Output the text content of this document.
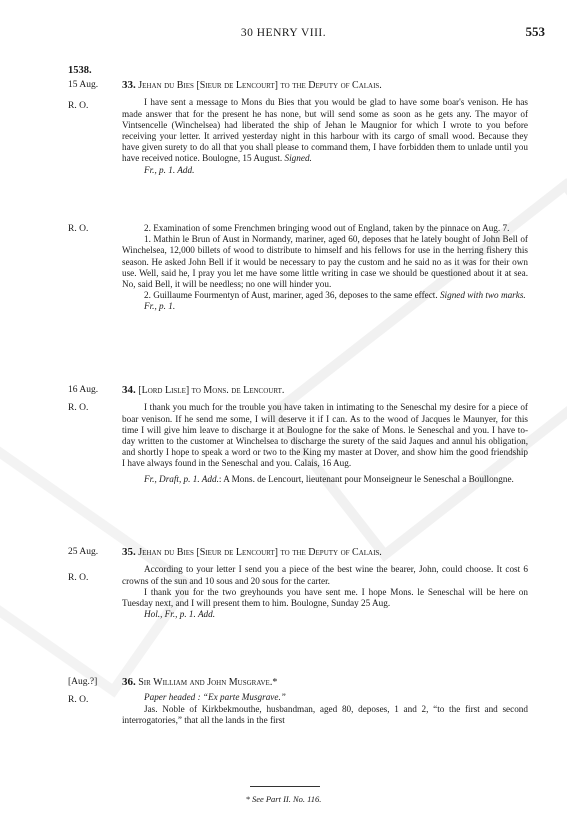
30 HENRY VIII.	553
1538.
15 Aug.
R. O.
33. Jehan du Bies [Sieur de Lencourt] to the Deputy of Calais.

I have sent a message to Mons du Bies that you would be glad to have some boar's venison. He has made answer that for the present he has none, but will send some as soon as he gets any. The mayor of Vintsencelle (Winchelsea) had liberated the ship of Jehan le Maugnior for which I wrote to you before receiving your letter. It arrived yesterday night in this harbour with its cargo of small wood. Because they have given surety to do all that you shall please to command them, I have forbidden them to unlade until you have received notice. Boulogne, 15 August. Signed.

Fr., p. 1. Add.

R. O.	2. Examination of some Frenchmen bringing wood out of England, taken by the pinnace on Aug. 7.

1. Mathin le Brun of Aust in Normandy, mariner, aged 60, deposes that he lately bought of John Bell of Winchelsea, 12,000 billets of wood to distribute to himself and his fellows for use in the herring fishery this season. He asked John Bell if it would be necessary to pay the custom and he said no as it was for their own use. Well, said he, I pray you let me have some little writing in case we should be questioned about it at sea. No, said Bell, it will be needless; no one will hinder you.

2. Guillaume Fourmentyn of Aust, mariner, aged 36, deposes to the same effect. Signed with two marks.

Fr., p. 1.

16 Aug.
R. O.
34. [Lord Lisle] to Mons. de Lencourt.

I thank you much for the trouble you have taken in intimating to the Seneschal my desire for a piece of boar venison. If he send me some, I will deserve it if I can. As to the wood of Jacques le Maunyer, for this time I will give him leave to discharge it at Boulogne for the sake of Mons. le Seneschal and you. I have to-day written to the customer at Winchelsea to discharge the surety of the said Jaques and annul his obligation, and shortly I hope to speak a word or two to the King my master at Dover, and show him the good friendship I have always found in the Seneschal and you. Calais, 16 Aug.

Fr., Draft, p. 1. Add.: A Mons. de Lencourt, lieutenant pour Monseigneur le Seneschal a Boullongne.

25 Aug.
R. O.
35. Jehan du Bies [Sieur de Lencourt] to the Deputy of Calais.

According to your letter I send you a piece of the best wine the bearer, John, could choose. It cost 6 crowns of the sun and 10 sous and 20 sous for the carter.

I thank you for the two greyhounds you have sent me. I hope Mons. le Seneschal will be here on Tuesday next, and I will present them to him. Boulogne, Sunday 25 Aug.

Hol., Fr., p. 1. Add.

[Aug.?]
R. O.
36. Sir William and John Musgrave.*

Paper headed : “Ex parte Musgrave.”

Jas. Noble of Kirkbekmouthe, husbandman, aged 80, deposes, 1 and 2, “to the first and second interrogatories,” that all the lands in the first

* See Part II. No. 116.
